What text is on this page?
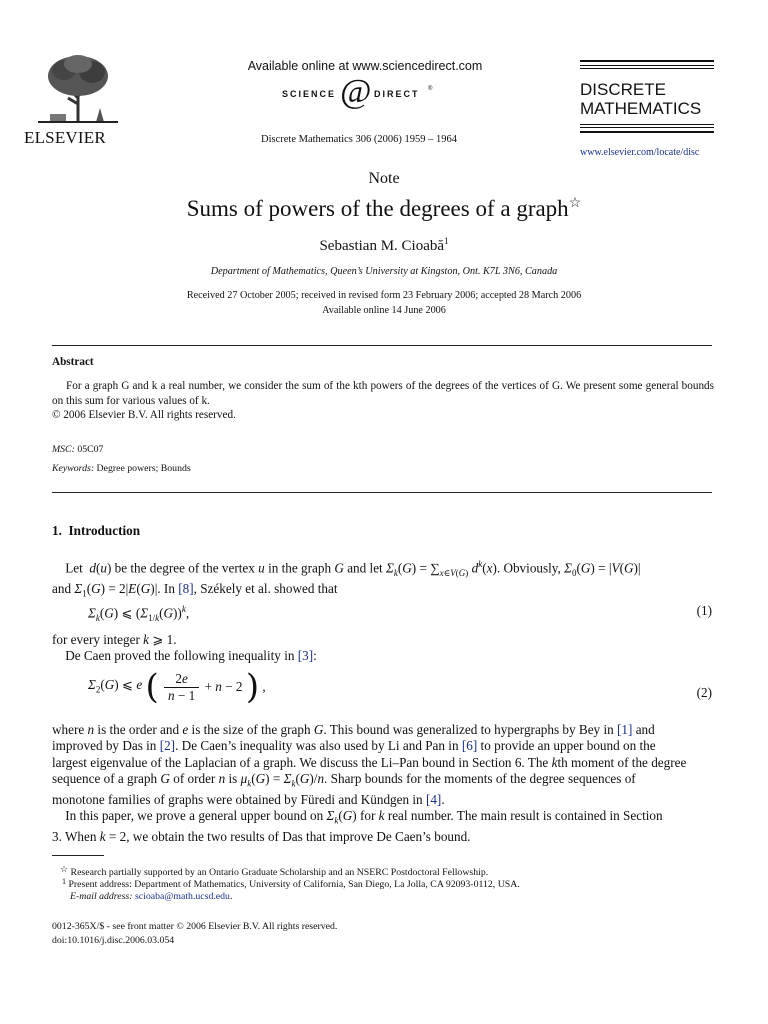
ELSEVIER
Available online at www.sciencedirect.com
SCIENCE @ DIRECT ®
Discrete Mathematics 306 (2006) 1959 – 1964
DISCRETE
MATHEMATICS
www.elsevier.com/locate/disc
Note
Sums of powers of the degrees of a graph☆
Sebastian M. Cioabă$^1$
Department of Mathematics, Queen’s University at Kingston, Ont. K7L 3N6, Canada
Received 27 October 2005; received in revised form 23 February 2006; accepted 28 March 2006
Available online 14 June 2006
Abstract
For a graph G and k a real number, we consider the sum of the kth powers of the degrees of the vertices of G. We present some general bounds on this sum for various values of k.
© 2006 Elsevier B.V. All rights reserved.
MSC: 05C07
Keywords: Degree powers; Bounds
1.  Introduction
Let  d(u) be the degree of the vertex u in the graph G and let $\Sigma_k(G) = \sum_{x\in V(G)}$ $d^k(x)$. Obviously, $\Sigma_0(G) = |V(G)|$
and $\Sigma_1(G) = 2|E(G)|$. In [8], Székely et al. showed that
$\Sigma_k(G)$ ⩽ $(\Sigma_{1/k}(G))^k$,	(1)
for every integer k ⩾ 1.
De Caen proved the following inequality in [3]:
$\Sigma_2(G)$ ⩽ e ( $\frac{2e}{n - 1} + n - 2$ ) ,	(2)
where n is the order and e is the size of the graph G. This bound was generalized to hypergraphs by Bey in [1] and
improved by Das in [2]. De Caen’s inequality was also used by Li and Pan in [6] to provide an upper bound on the
largest eigenvalue of the Laplacian of a graph. We discuss the Li–Pan bound in Section 6. The kth moment of the degree
sequence of a graph G of order n is $\mu_k(G) = \Sigma_k(G)/n$. Sharp bounds for the moments of the degree sequences of
monotone families of graphs were obtained by Füredi and Kündgen in [4].
In this paper, we prove a general upper bound on $\Sigma_k(G)$ for k real number. The main result is contained in Section
3. When k = 2, we obtain the two results of Das that improve De Caen’s bound.
☆ Research partially supported by an Ontario Graduate Scholarship and an NSERC Postdoctoral Fellowship.
$^1$ Present address: Department of Mathematics, University of California, San Diego, La Jolla, CA 92093-0112, USA.
E-mail address: scioaba@math.ucsd.edu.
0012-365X/$ - see front matter © 2006 Elsevier B.V. All rights reserved.
doi:10.1016/j.disc.2006.03.054
